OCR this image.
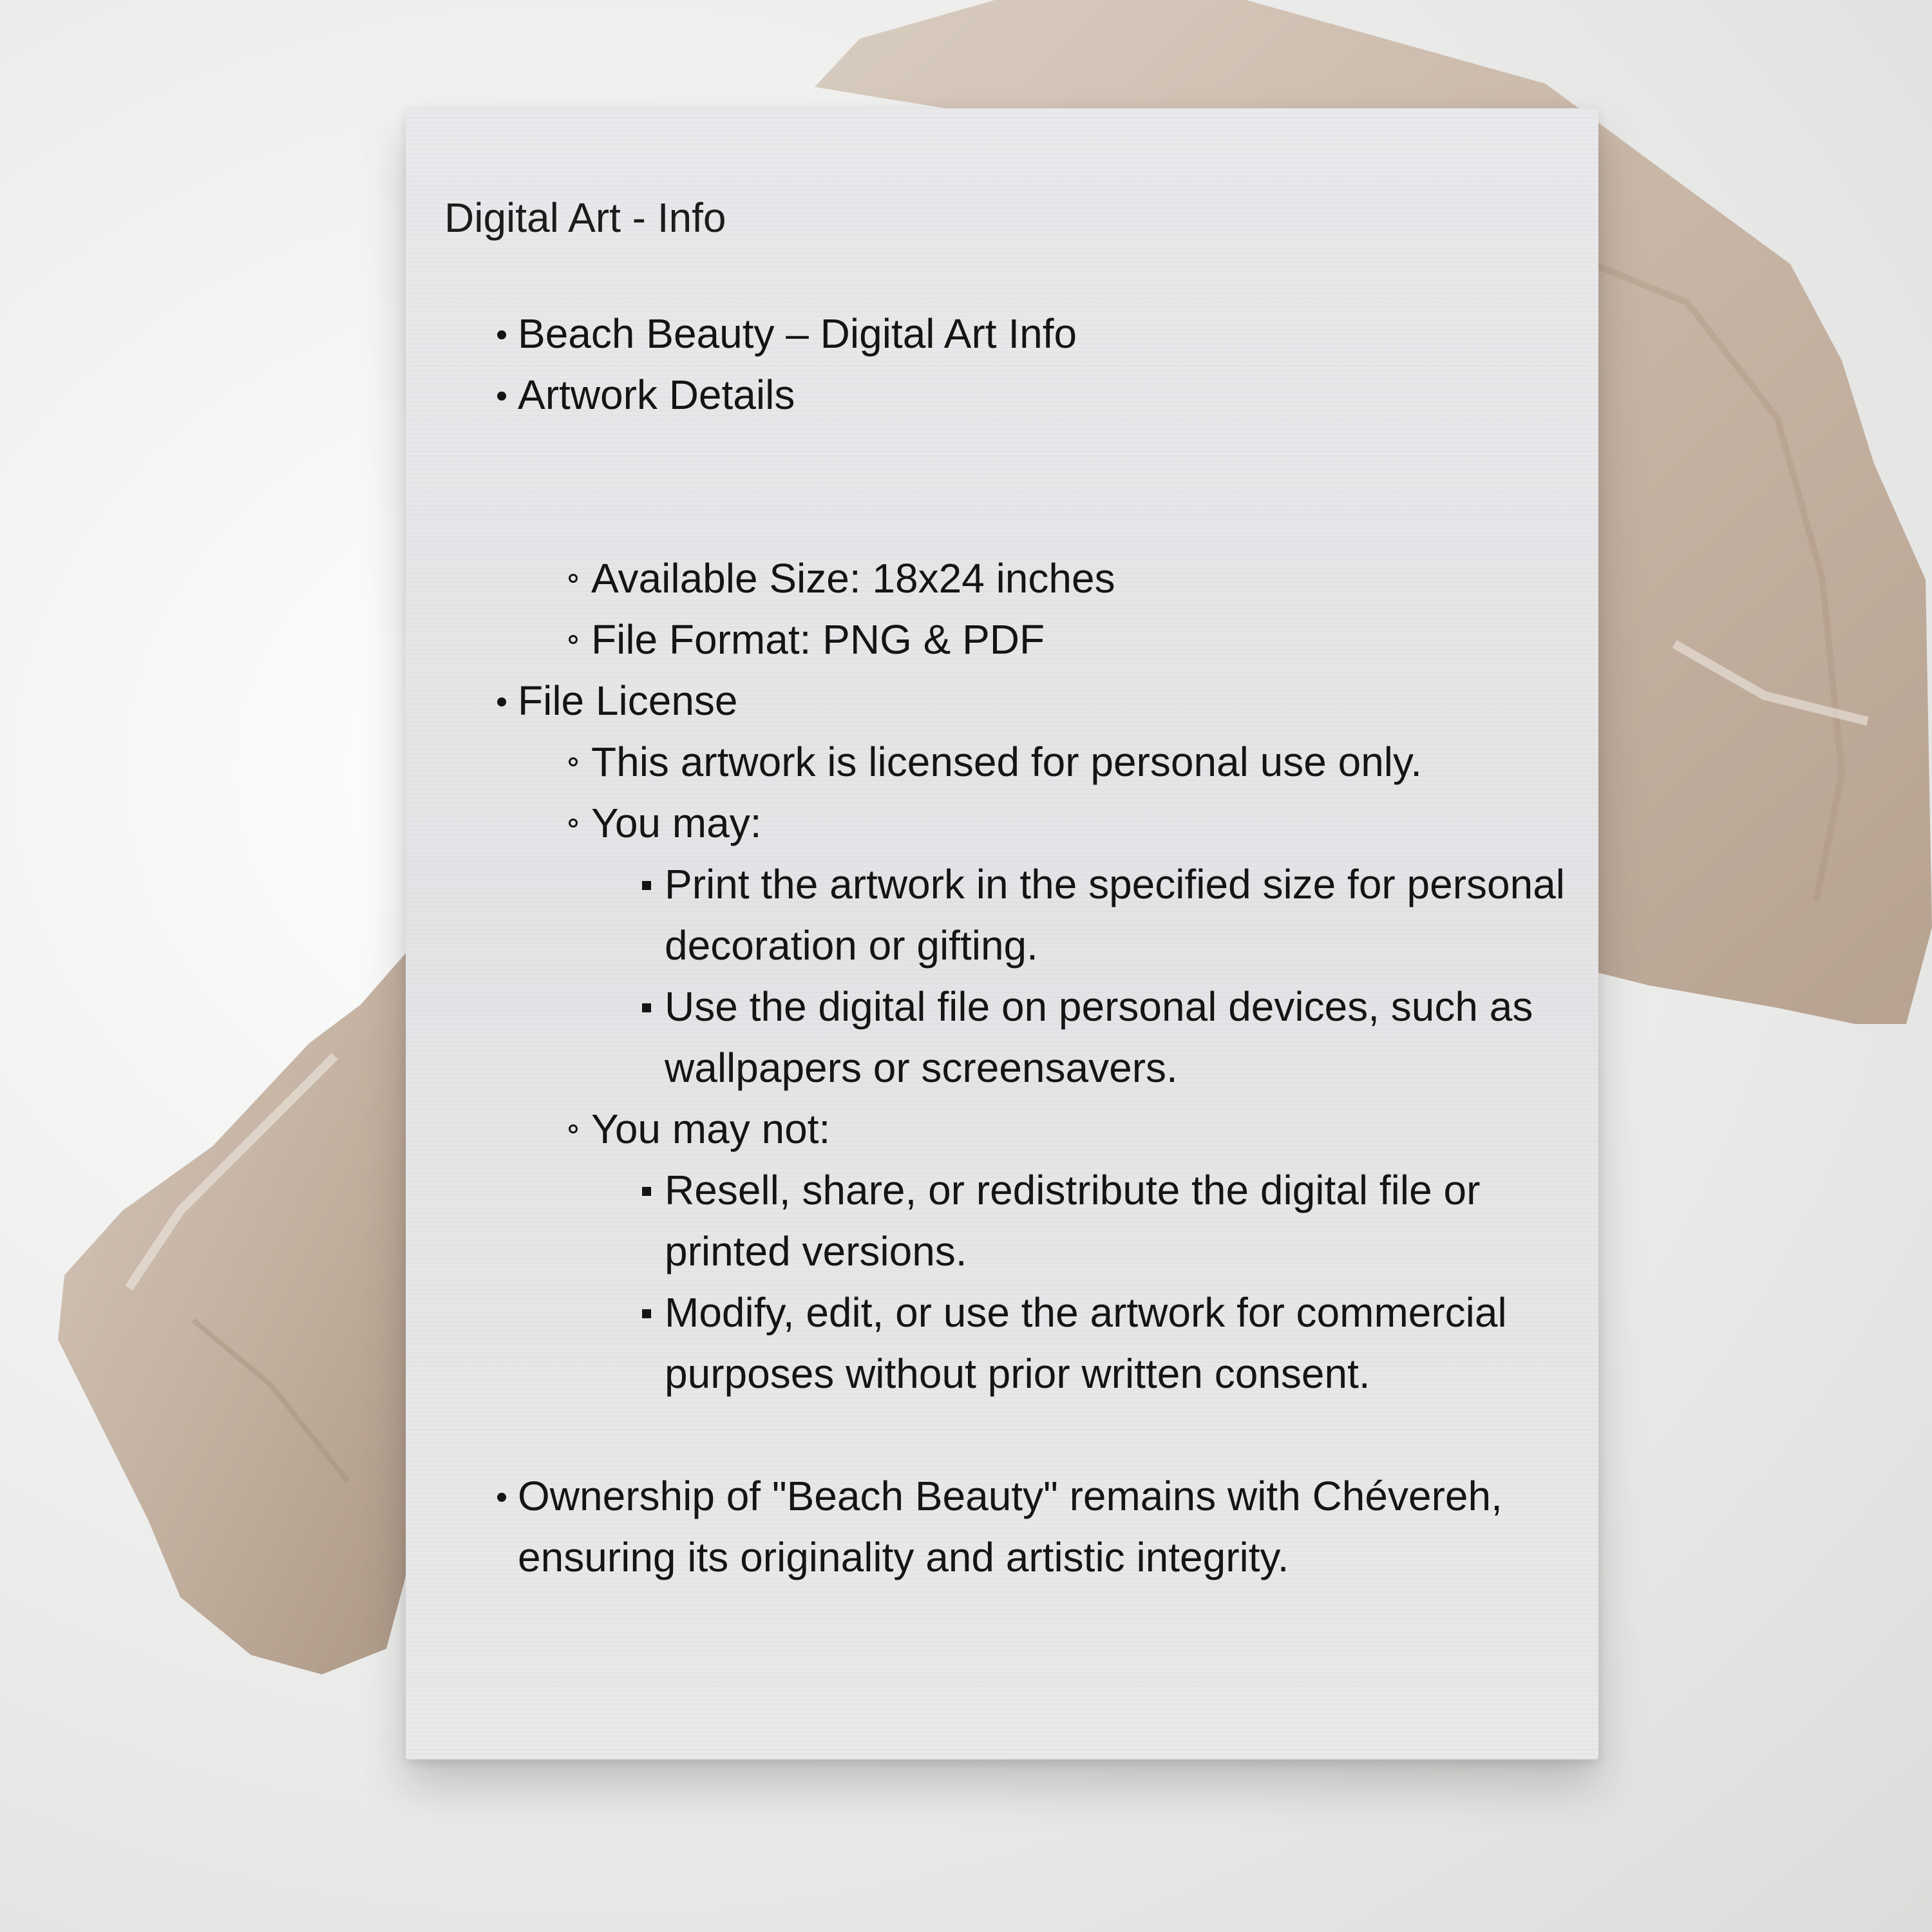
Digital Art - Info
Beach Beauty – Digital Art Info
Artwork Details
Available Size: 18x24 inches
File Format: PNG & PDF
File License
This artwork is licensed for personal use only.
You may:
Print the artwork in the specified size for personal decoration or gifting.
Use the digital file on personal devices, such as wallpapers or screensavers.
You may not:
Resell, share, or redistribute the digital file or printed versions.
Modify, edit, or use the artwork for commercial purposes without prior written consent.
Ownership of "Beach Beauty" remains with Chévereh, ensuring its originality and artistic integrity.
